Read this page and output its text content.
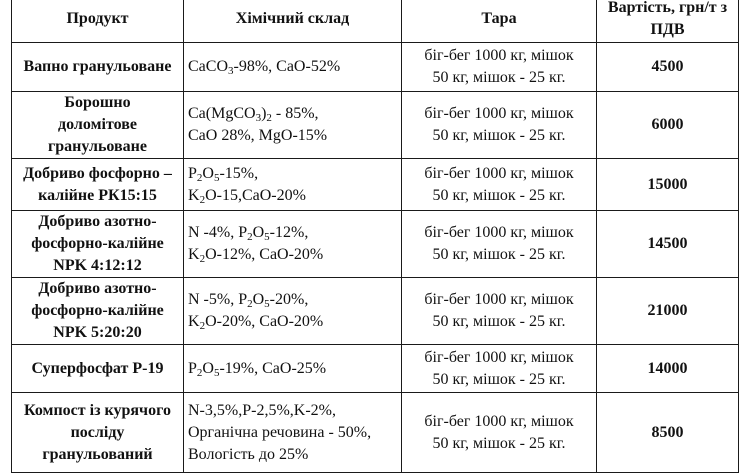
Продукт	Хімічний склад	Тара	Вартість, грн/т з
ПДВ

Вапно гранульоване	CaCO$_3$-98%, CaO-52%	біг-бег 1000 кг, мішок
50 кг, мішок - 25 кг.	4500

Борошно
доломітове
гранульоване	$Ca(MgCO_3)_2 - 85\%$,
CaO 28%, MgO-15%	біг-бег 1000 кг, мішок
50 кг, мішок - 25 кг.	6000

Добриво фосфорно –
калійне РК15:15	$P_2O_5-15\%$,
$K_2O-15,CaO-20\%$	біг-бег 1000 кг, мішок
50 кг, мішок - 25 кг.	15000

Добриво азотно-
фосфорно-калійне
NPK 4:12:12	N -4%, $P_2O_5-12\%$,
$K_2O-12\%$, CaO-20%	біг-бег 1000 кг, мішок
50 кг, мішок - 25 кг.	14500

Добриво азотно-
фосфорно-калійне
NPK 5:20:20	N -5%, $P_2O_5-20\%$,
$K_2O-20\%$, CaO-20%	біг-бег 1000 кг, мішок
50 кг, мішок - 25 кг.	21000

Суперфосфат Р-19	$P_2O_5-19\%$, CaO-25%	біг-бег 1000 кг, мішок
50 кг, мішок - 25 кг.	14000

Компост із курячого
посліду
гранульований	N-3,5%,P-2,5%,K-2%,
Органічна речовина - 50%,
Вологість до 25%	біг-бег 1000 кг, мішок
50 кг, мішок - 25 кг.	8500
